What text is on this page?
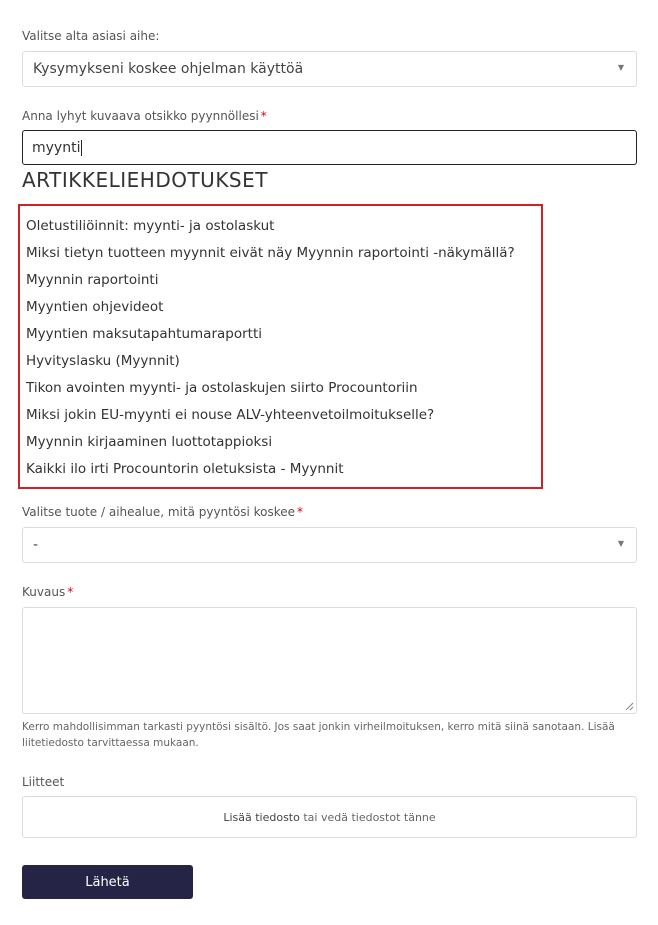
Valitse alta asiasi aihe:
Kysymykseni koskee ohjelman käyttöä	▼
Anna lyhyt kuvaava otsikko pyynnöllesi *
myynti
ARTIKKELIEHDOTUKSET
Oletustiliöinnit: myynti- ja ostolaskut
Miksi tietyn tuotteen myynnit eivät näy Myynnin raportointi -näkymällä?
Myynnin raportointi
Myyntien ohjevideot
Myyntien maksutapahtumaraportti
Hyvityslasku (Myynnit)
Tikon avointen myynti- ja ostolaskujen siirto Procountoriin
Miksi jokin EU-myynti ei nouse ALV-yhteenvetoilmoitukselle?
Myynnin kirjaaminen luottotappioksi
Kaikki ilo irti Procountorin oletuksista - Myynnit
Valitse tuote / aihealue, mitä pyyntösi koskee *
-	▼
Kuvaus *
Kerro mahdollisimman tarkasti pyyntösi sisältö. Jos saat jonkin virheilmoituksen, kerro mitä siinä sanotaan. Lisää liitetiedosto tarvittaessa mukaan.
Liitteet
Lisää tiedosto tai vedä tiedostot tänne
Lähetä
